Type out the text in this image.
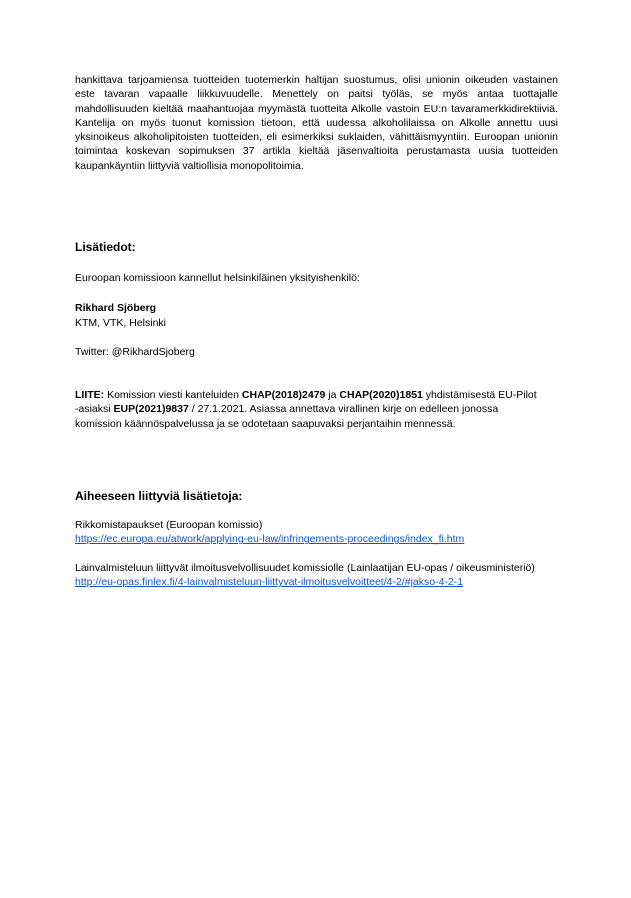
hankittava tarjoamiensa tuotteiden tuotemerkin haltijan suostumus, olisi unionin oikeuden vastainen

este tavaran vapaalle liikkuvuudelle. Menettely on paitsi työläs, se myös antaa tuottajalle

mahdollisuuden kieltää maahantuojaa myymästä tuotteita Alkolle vastoin EU:n tavaramerkkidirektiiviä.

Kantelija on myös tuonut komission tietoon, että uudessa alkoholilaissa on Alkolle annettu uusi

yksinoikeus alkoholipitoisten tuotteiden, eli esimerkiksi suklaiden, vähittäismyyntiin. Euroopan unionin

toimintaa koskevan sopimuksen 37 artikla kieltää jäsenvaltioita perustamasta uusia tuotteiden

kaupankäyntiin liittyviä valtiollisia monopolitoimia.

Lisätiedot:
Euroopan komissioon kannellut helsinkiläinen yksityishenkilö:
Rikhard Sjöberg
KTM, VTK, Helsinki
Twitter: @RikhardSjoberg

LIITE: Komission viesti kanteluiden CHAP(2018)2479 ja CHAP(2020)1851 yhdistämisestä EU-Pilot

-asiaksi EUP(2021)9837 / 27.1.2021. Asiassa annettava virallinen kirje on edelleen jonossa

komission käännöspalvelussa ja se odotetaan saapuvaksi perjantaihin mennessä.

Aiheeseen liittyviä lisätietoja:

Rikkomistapaukset (Euroopan komissio)

https://ec.europa.eu/atwork/applying-eu-law/infringements-proceedings/index_fi.htm

Lainvalmisteluun liittyvät ilmoitusvelvollisuudet komissiolle (Lainlaatijan EU-opas / oikeusministeriö)

http://eu-opas.finlex.fi/4-lainvalmisteluun-liittyvat-ilmoitusvelvoitteet/4-2/#jakso-4-2-1
